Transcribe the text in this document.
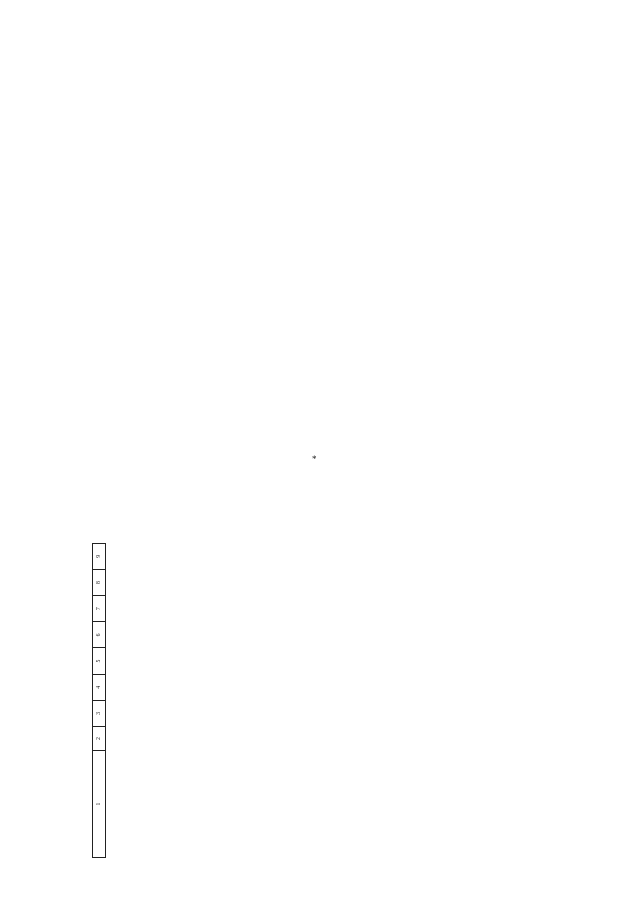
*
1	2	3	4	5	6	7	8	9
